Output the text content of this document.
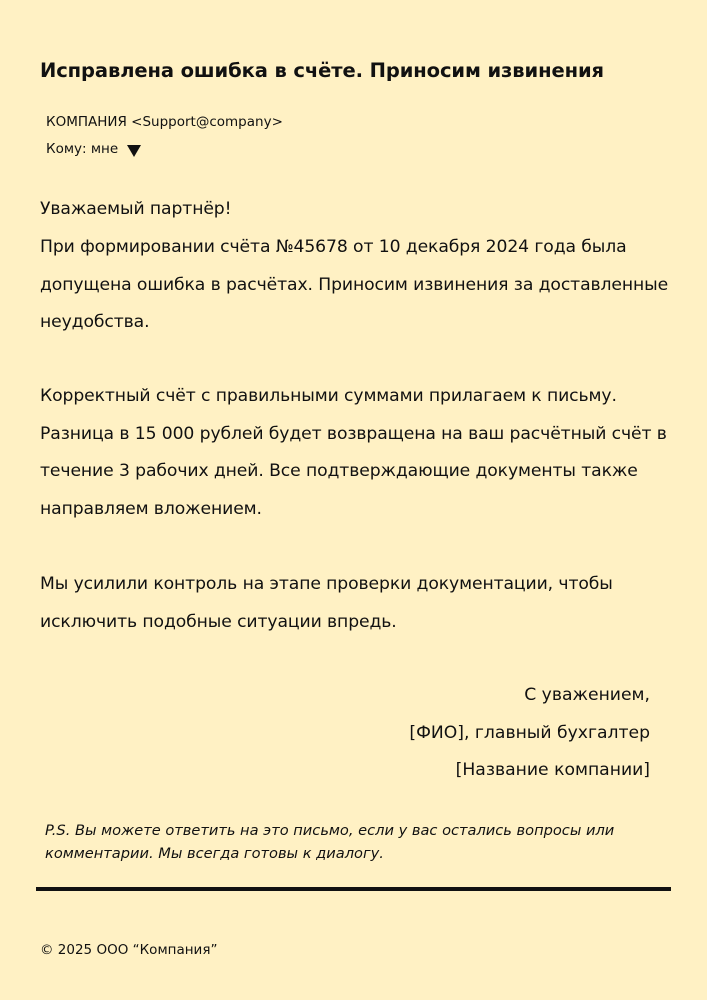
Исправлена ошибка в счёте. Приносим извинения
КОМПАНИЯ <Support@company>
Кому: мне
Уважаемый партнёр!
При формировании счёта №45678 от 10 декабря 2024 года была допущена ошибка в расчётах. Приносим извинения за доставленные неудобства.
Корректный счёт с правильными суммами прилагаем к письму. Разница в 15 000 рублей будет возвращена на ваш расчётный счёт в течение 3 рабочих дней. Все подтверждающие документы также направляем вложением.
Мы усилили контроль на этапе проверки документации, чтобы исключить подобные ситуации впредь.
С уважением,
[ФИО], главный бухгалтер
[Название компании]
P.S. Вы можете ответить на это письмо, если у вас остались вопросы или комментарии. Мы всегда готовы к диалогу.
© 2025 ООО “Компания”
